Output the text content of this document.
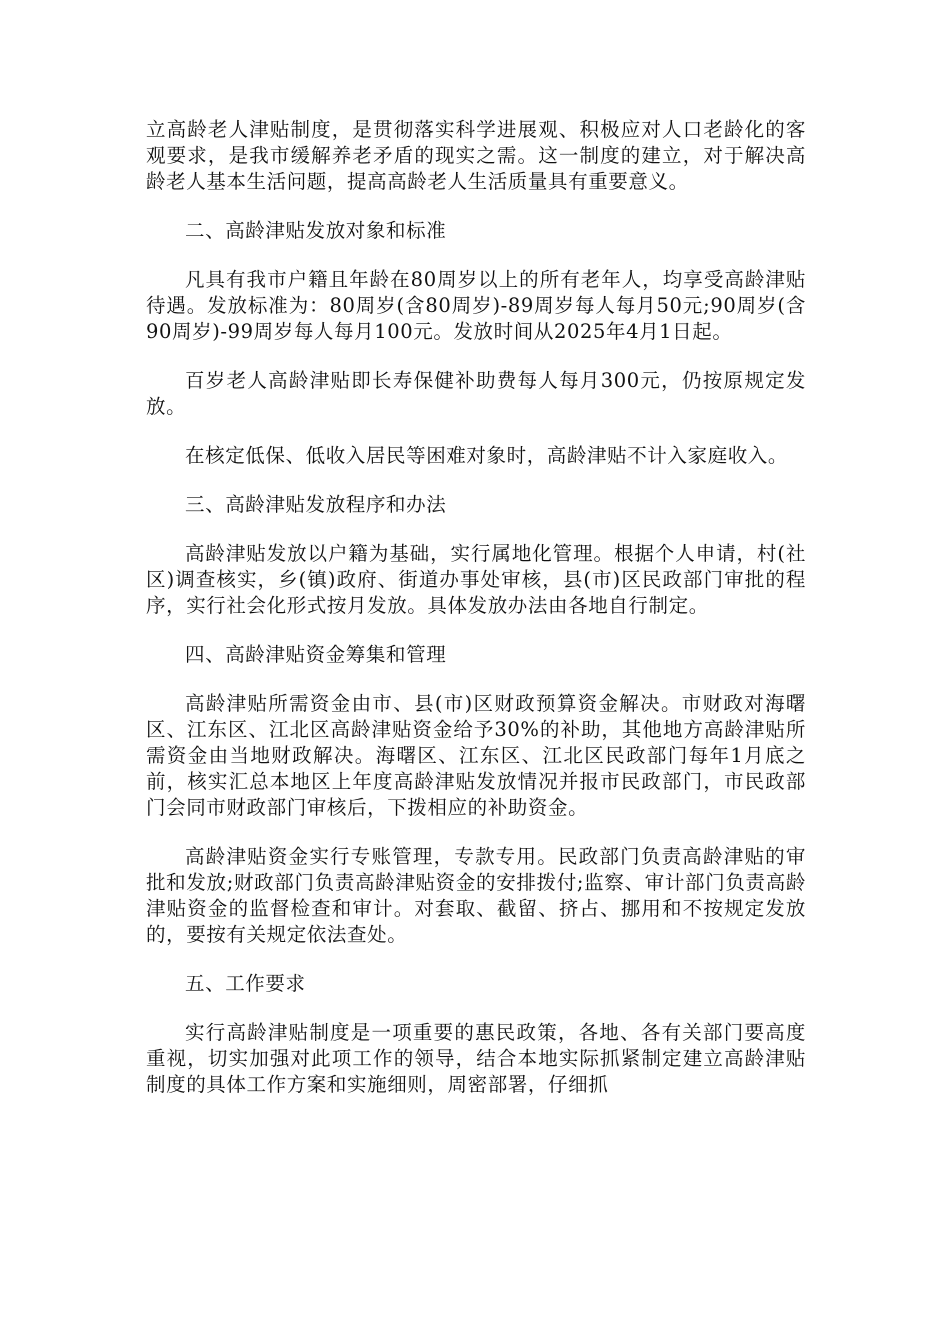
立高龄老人津贴制度，是贯彻落实科学进展观、积极应对人口老龄化的客观要求，是我市缓解养老矛盾的现实之需。这一制度的建立，对于解决高龄老人基本生活问题，提高高龄老人生活质量具有重要意义。

二、高龄津贴发放对象和标准

凡具有我市户籍且年龄在80周岁以上的所有老年人，均享受高龄津贴待遇。发放标准为：80周岁(含80周岁)-89周岁每人每月50元;90周岁(含90周岁)-99周岁每人每月100元。发放时间从2025年4月1日起。

百岁老人高龄津贴即长寿保健补助费每人每月300元，仍按原规定发放。

在核定低保、低收入居民等困难对象时，高龄津贴不计入家庭收入。

三、高龄津贴发放程序和办法

高龄津贴发放以户籍为基础，实行属地化管理。根据个人申请，村(社区)调查核实，乡(镇)政府、街道办事处审核，县(市)区民政部门审批的程序，实行社会化形式按月发放。具体发放办法由各地自行制定。

四、高龄津贴资金筹集和管理

高龄津贴所需资金由市、县(市)区财政预算资金解决。市财政对海曙区、江东区、江北区高龄津贴资金给予30%的补助，其他地方高龄津贴所需资金由当地财政解决。海曙区、江东区、江北区民政部门每年1月底之前，核实汇总本地区上年度高龄津贴发放情况并报市民政部门，市民政部门会同市财政部门审核后，下拨相应的补助资金。

高龄津贴资金实行专账管理，专款专用。民政部门负责高龄津贴的审批和发放;财政部门负责高龄津贴资金的安排拨付;监察、审计部门负责高龄津贴资金的监督检查和审计。对套取、截留、挤占、挪用和不按规定发放的，要按有关规定依法查处。

五、工作要求

实行高龄津贴制度是一项重要的惠民政策，各地、各有关部门要高度重视，切实加强对此项工作的领导，结合本地实际抓紧制定建立高龄津贴制度的具体工作方案和实施细则，周密部署，仔细抓
